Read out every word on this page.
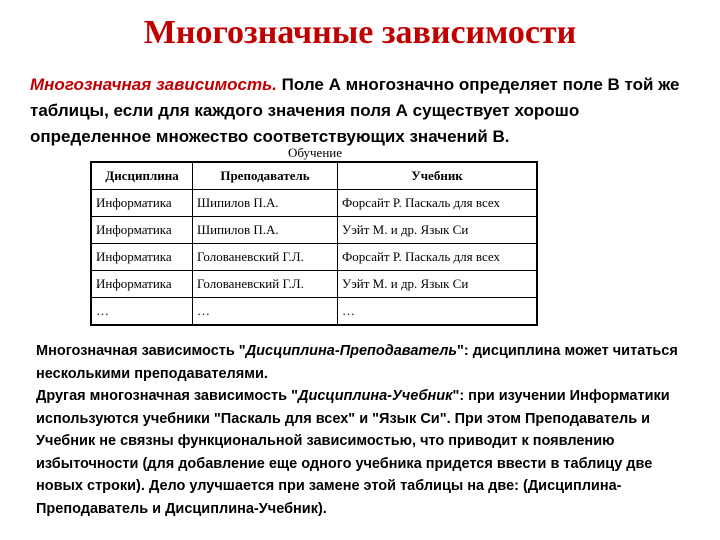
Многозначные зависимости

Многозначная зависимость. Поле А многозначно определяет поле В той же таблицы, если для каждого значения поля А существует хорошо определенное множество соответствующих значений В.

Обучение
Дисциплина	Преподаватель	Учебник
Информатика	Шипилов П.А.	Форсайт Р. Паскаль для всех
Информатика	Шипилов П.А.	Уэйт М. и др. Язык Си
Информатика	Голованевский Г.Л.	Форсайт Р. Паскаль для всех
Информатика	Голованевский Г.Л.	Уэйт М. и др. Язык Си
…	…	…

Многозначная зависимость "Дисциплина-Преподаватель": дисциплина может читаться несколькими преподавателями.
Другая многозначная зависимость "Дисциплина-Учебник": при изучении Информатики используются учебники "Паскаль для всех" и "Язык Си". При этом Преподаватель и Учебник не связны функциональной зависимостью, что приводит к появлению избыточности (для добавление еще одного учебника придется ввести в таблицу две новых строки). Дело улучшается при замене этой таблицы на две: (Дисциплина-Преподаватель и Дисциплина-Учебник).
